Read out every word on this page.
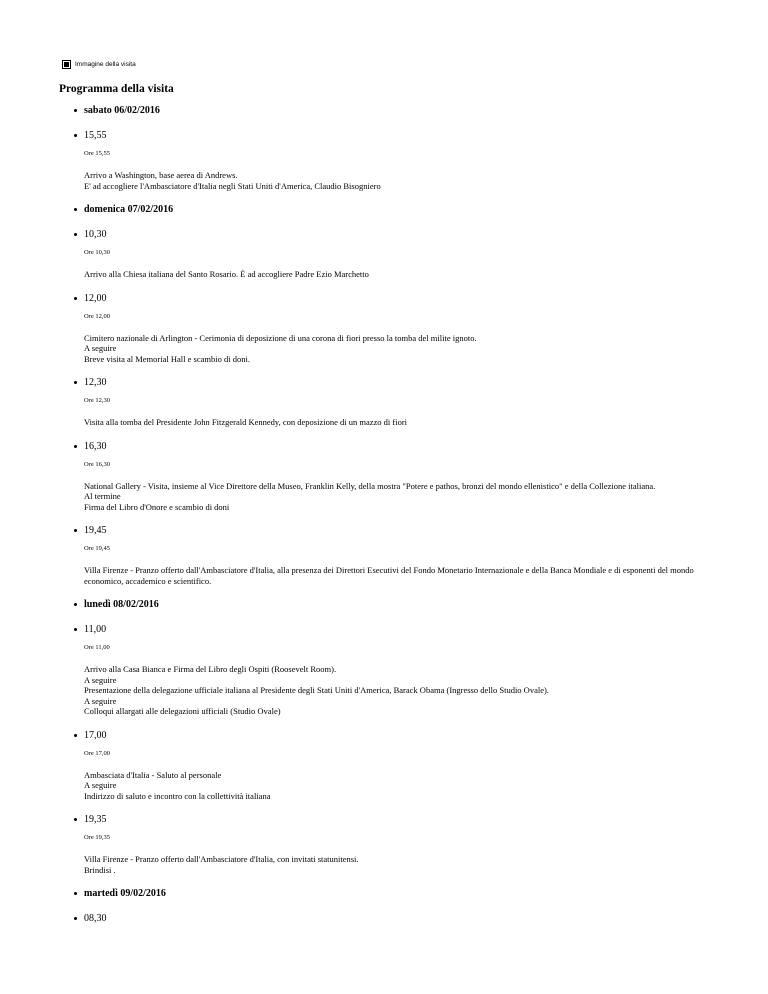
Immagine della visita
Programma della visita
sabato 06/02/2016
15,55
Ore 15,55
Arrivo a Washington, base aerea di Andrews.
E' ad accogliere l'Ambasciatore d'Italia negli Stati Uniti d'America, Claudio Bisogniero
domenica 07/02/2016
10,30
Ore 10,30
Arrivo alla Chiesa italiana del Santo Rosario. È ad accogliere Padre Ezio Marchetto
12,00
Ore 12,00
Cimitero nazionale di Arlington - Cerimonia di deposizione di una corona di fiori presso la tomba del milite ignoto.
A seguire
Breve visita al Memorial Hall e scambio di doni.
12,30
Ore 12,30
Visita alla tomba del Presidente John Fitzgerald Kennedy, con deposizione di un mazzo di fiori
16,30
Ore 16,30
National Gallery - Visita, insieme al Vice Direttore della Museo, Franklin Kelly, della mostra "Potere e pathos, bronzi del mondo ellenistico" e della Collezione italiana.
Al termine
Firma del Libro d'Onore e scambio di doni
19,45
Ore 19,45
Villa Firenze - Pranzo offerto dall'Ambasciatore d'Italia, alla presenza dei Direttori Esecutivi del Fondo Monetario Internazionale e della Banca Mondiale e di esponenti del mondo economico, accademico e scientifico.
lunedì 08/02/2016
11,00
Ore 11,00
Arrivo alla Casa Bianca e Firma del Libro degli Ospiti (Roosevelt Room).
A seguire
Presentazione della delegazione ufficiale italiana al Presidente degli Stati Uniti d'America, Barack Obama (Ingresso dello Studio Ovale).
A seguire
Colloqui allargati alle delegazioni ufficiali (Studio Ovale)
17,00
Ore 17,00
Ambasciata d'Italia - Saluto al personale
A seguire
Indirizzo di saluto e incontro con la collettività italiana
19,35
Ore 19,35
Villa Firenze - Pranzo offerto dall'Ambasciatore d'Italia, con invitati statunitensi.
Brindisi .
martedì 09/02/2016
08,30
